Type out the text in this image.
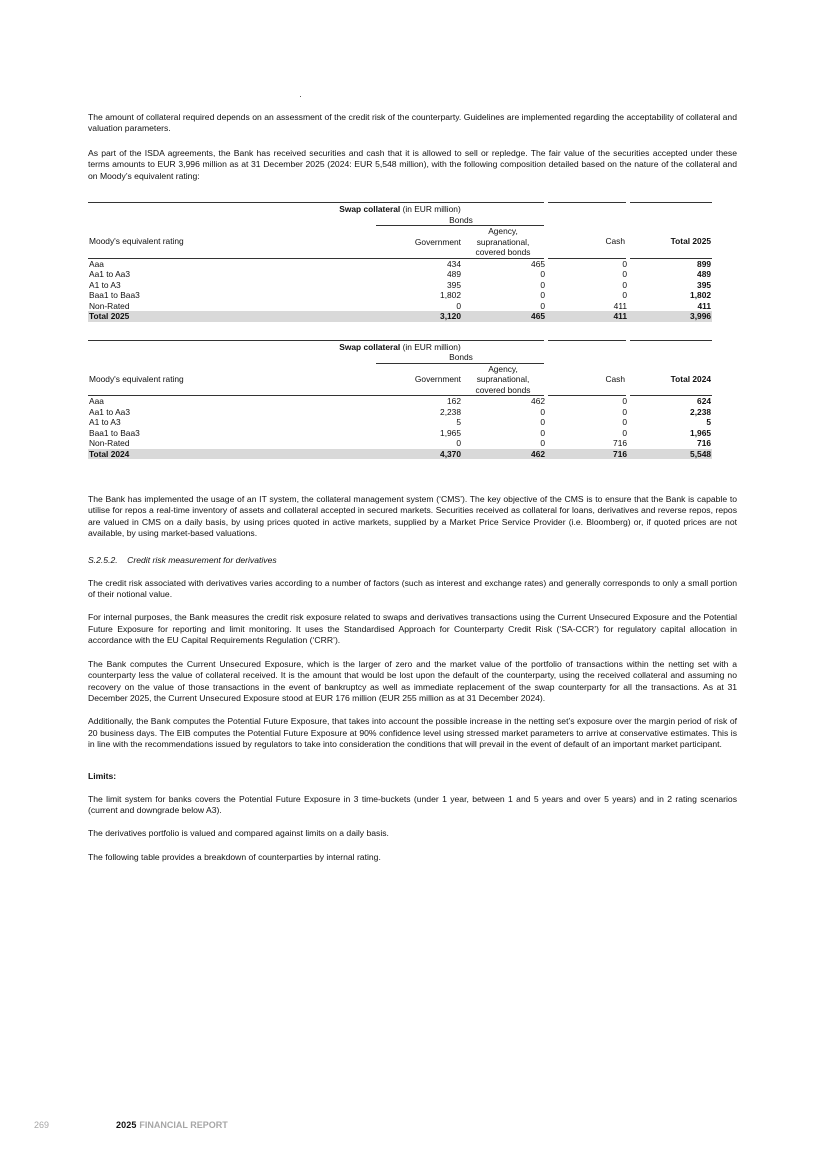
The amount of collateral required depends on an assessment of the credit risk of the counterparty. Guidelines are implemented regarding the acceptability of collateral and valuation parameters.

As part of the ISDA agreements, the Bank has received securities and cash that it is allowed to sell or repledge. The fair value of the securities accepted under these terms amounts to EUR 3,996 million as at 31 December 2025 (2024: EUR 5,548 million), with the following composition detailed based on the nature of the collateral and on Moody’s equivalent rating:

Swap collateral (in EUR million)				
	Bonds			
Moody's equivalent rating	Government	Agency,
supranational,
covered bonds	Cash	Total 2025
Aaa	434	465	0	899
Aa1 to Aa3	489	0	0	489
A1 to A3	395	0	0	395
Baa1 to Baa3	1,802	0	0	1,802
Non-Rated	0	0	411	411
Total 2025	3,120	465	411	3,996

Swap collateral (in EUR million)				
	Bonds			
Moody's equivalent rating	Government	Agency,
supranational,
covered bonds	Cash	Total 2024
Aaa	162	462	0	624
Aa1 to Aa3	2,238	0	0	2,238
A1 to A3	5	0	0	5
Baa1 to Baa3	1,965	0	0	1,965
Non-Rated	0	0	716	716
Total 2024	4,370	462	716	5,548

The Bank has implemented the usage of an IT system, the collateral management system (‘CMS’). The key objective of the CMS is to ensure that the Bank is capable to utilise for repos a real-time inventory of assets and collateral accepted in secured markets. Securities received as collateral for loans, derivatives and reverse repos, repos are valued in CMS on a daily basis, by using prices quoted in active markets, supplied by a Market Price Service Provider (i.e. Bloomberg) or, if quoted prices are not available, by using market-based valuations.

S.2.5.2.    Credit risk measurement for derivatives

The credit risk associated with derivatives varies according to a number of factors (such as interest and exchange rates) and generally corresponds to only a small portion of their notional value.

For internal purposes, the Bank measures the credit risk exposure related to swaps and derivatives transactions using the Current Unsecured Exposure and the Potential Future Exposure for reporting and limit monitoring. It uses the Standardised Approach for Counterparty Credit Risk (‘SA-CCR’) for regulatory capital allocation in accordance with the EU Capital Requirements Regulation (‘CRR’).

The Bank computes the Current Unsecured Exposure, which is the larger of zero and the market value of the portfolio of transactions within the netting set with a counterparty less the value of collateral received. It is the amount that would be lost upon the default of the counterparty, using the received collateral and assuming no recovery on the value of those transactions in the event of bankruptcy as well as immediate replacement of the swap counterparty for all the transactions. As at 31 December 2025, the Current Unsecured Exposure stood at EUR 176 million (EUR 255 million as at 31 December 2024).

Additionally, the Bank computes the Potential Future Exposure, that takes into account the possible increase in the netting set’s exposure over the margin period of risk of 20 business days. The EIB computes the Potential Future Exposure at 90% confidence level using stressed market parameters to arrive at conservative estimates. This is in line with the recommendations issued by regulators to take into consideration the conditions that will prevail in the event of default of an important market participant.

Limits:

The limit system for banks covers the Potential Future Exposure in 3 time-buckets (under 1 year, between 1 and 5 years and over 5 years) and in 2 rating scenarios (current and downgrade below A3).

The derivatives portfolio is valued and compared against limits on a daily basis.

The following table provides a breakdown of counterparties by internal rating.

269	2025 FINANCIAL REPORT
